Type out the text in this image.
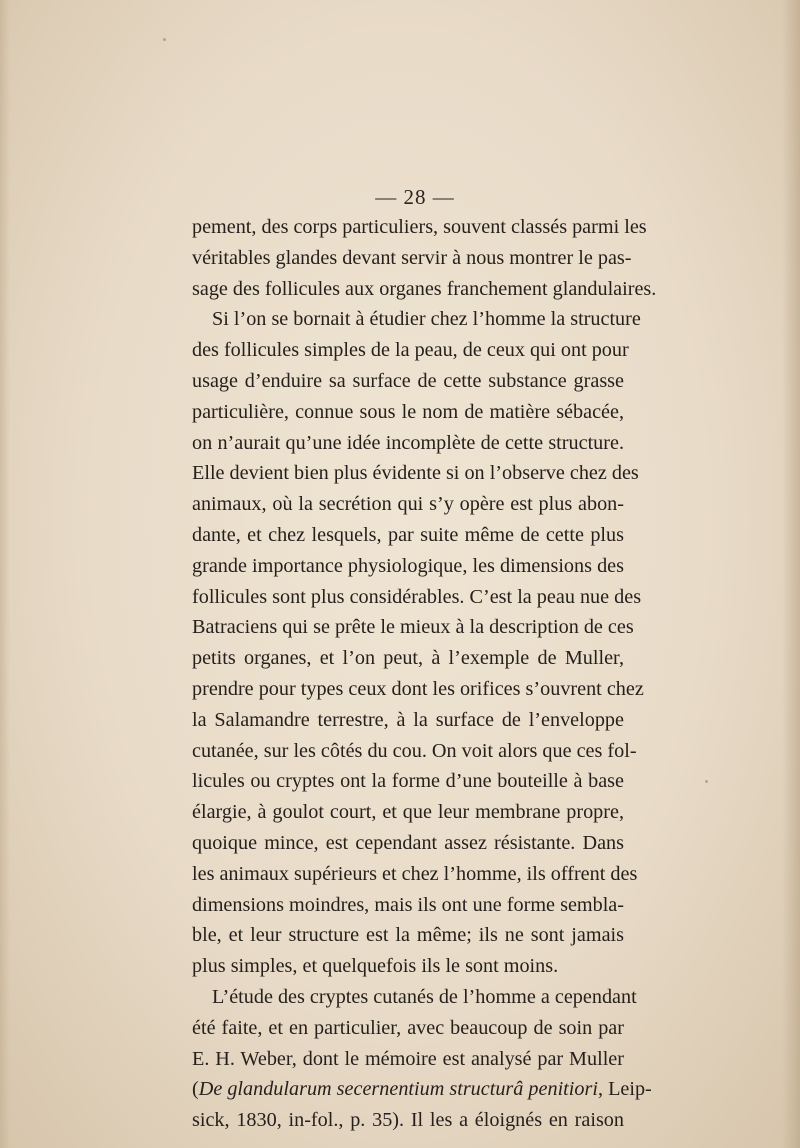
— 28 —
pement, des corps particuliers, souvent classés parmi les
véritables glandes devant servir à nous montrer le pas-
sage des follicules aux organes franchement glandulaires.
Si l’on se bornait à étudier chez l’homme la structure
des follicules simples de la peau, de ceux qui ont pour
usage d’enduire sa surface de cette substance grasse
particulière, connue sous le nom de matière sébacée,
on n’aurait qu’une idée incomplète de cette structure.
Elle devient bien plus évidente si on l’observe chez des
animaux, où la secrétion qui s’y opère est plus abon-
dante, et chez lesquels, par suite même de cette plus
grande importance physiologique, les dimensions des
follicules sont plus considérables. C’est la peau nue des
Batraciens qui se prête le mieux à la description de ces
petits organes, et l’on peut, à l’exemple de Muller,
prendre pour types ceux dont les orifices s’ouvrent chez
la Salamandre terrestre, à la surface de l’enveloppe
cutanée, sur les côtés du cou. On voit alors que ces fol-
licules ou cryptes ont la forme d’une bouteille à base
élargie, à goulot court, et que leur membrane propre,
quoique mince, est cependant assez résistante. Dans
les animaux supérieurs et chez l’homme, ils offrent des
dimensions moindres, mais ils ont une forme sembla-
ble, et leur structure est la même; ils ne sont jamais
plus simples, et quelquefois ils le sont moins.
L’étude des cryptes cutanés de l’homme a cependant
été faite, et en particulier, avec beaucoup de soin par
E. H. Weber, dont le mémoire est analysé par Muller
(De glandularum secernentium structurâ penitiori, Leip-
sick, 1830, in-fol., p. 35). Il les a éloignés en raison
